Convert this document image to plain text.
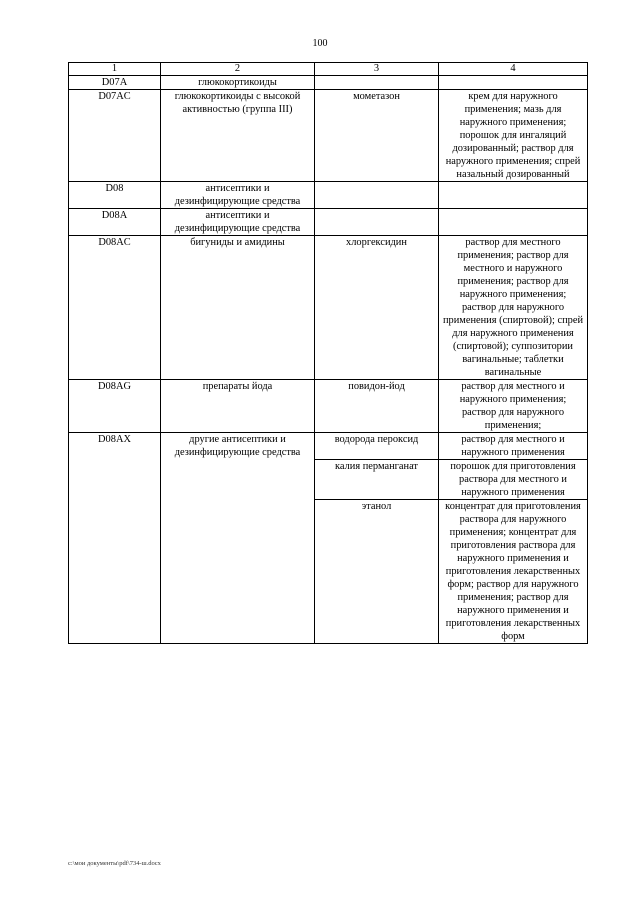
100
1	2	3	4
D07A	глюкокортикоиды		
D07AC	глюкокортикоиды с высокой активностью (группа III)	мометазон	крем для наружного применения; мазь для наружного применения; порошок для ингаляций дозированный; раствор для наружного применения; спрей назальный дозированный
D08	антисептики и дезинфицирующие средства		
D08A	антисептики и дезинфицирующие средства		
D08AC	бигуниды и амидины	хлоргексидин	раствор для местного применения; раствор для местного и наружного применения; раствор для наружного применения; раствор для наружного применения (спиртовой); спрей для наружного применения (спиртовой); суппозитории вагинальные; таблетки вагинальные
D08AG	препараты йода	повидон-йод	раствор для местного и наружного применения; раствор для наружного применения;
D08AX	другие антисептики и дезинфицирующие средства	водорода пероксид	раствор для местного и наружного применения
		калия перманганат	порошок для приготовления раствора для местного и наружного применения
		этанол	концентрат для приготовления раствора для наружного применения; концентрат для приготовления раствора для наружного применения и приготовления лекарственных форм; раствор для наружного применения; раствор для наружного применения и приготовления лекарственных форм
c:\мои документы\pdf\734-ш.docx
